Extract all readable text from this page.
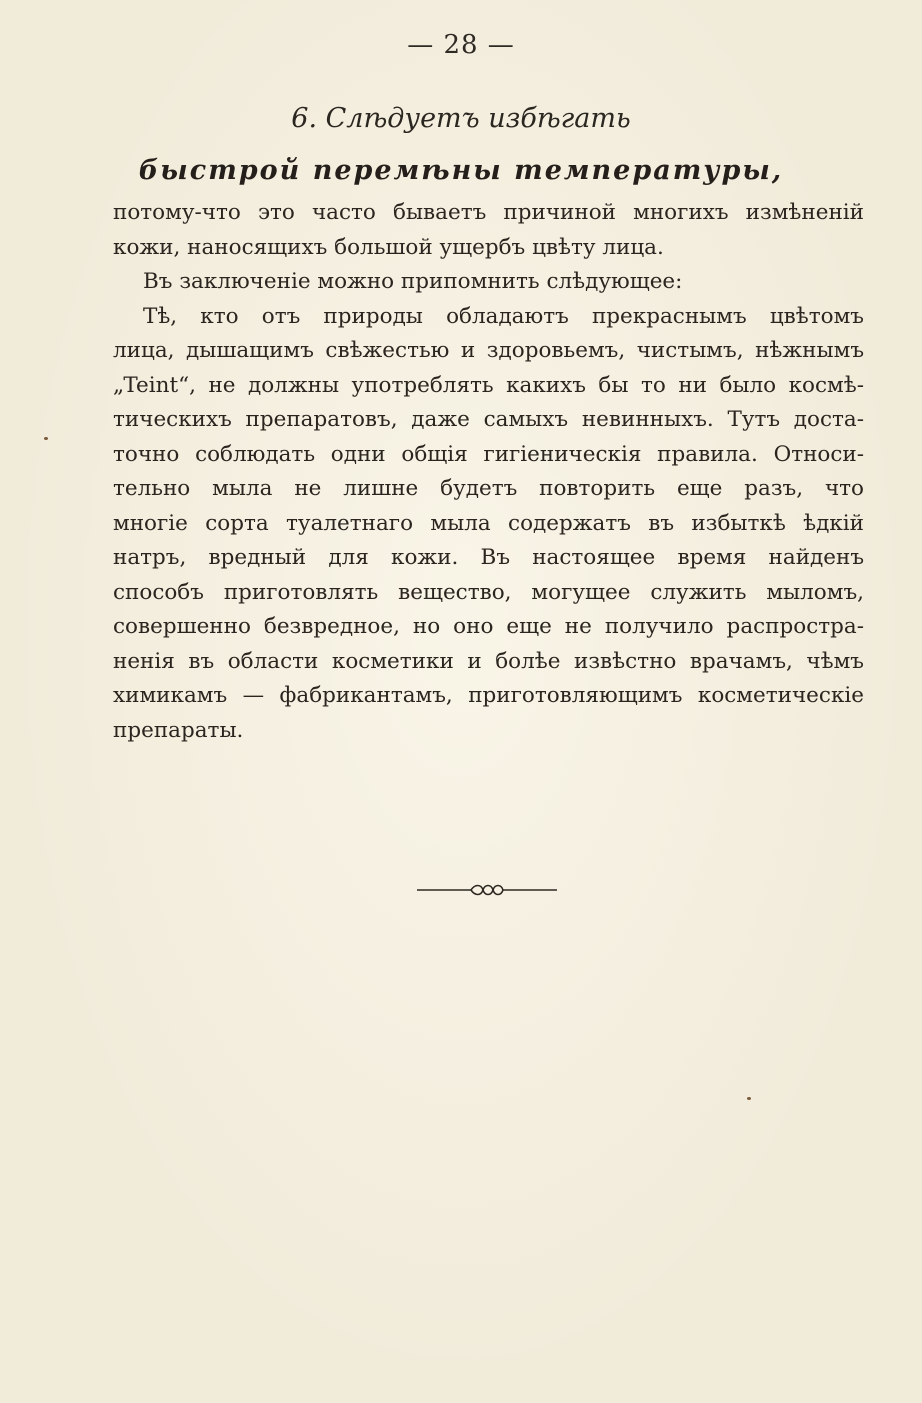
— 28 —
6. Слѣдуетъ избѣгать
быстрой перемѣны температуры,
потому-что это часто бываетъ причиной многихъ измѣненій
кожи, наносящихъ большой ущербъ цвѣту лица.
Въ заключеніе можно припомнить слѣдующее:
Тѣ, кто отъ природы обладаютъ прекраснымъ цвѣтомъ
лица, дышащимъ свѣжестью и здоровьемъ, чистымъ, нѣжнымъ
„Teint“, не должны употреблять какихъ бы то ни было космѣ-
тическихъ препаратовъ, даже самыхъ невинныхъ. Тутъ доста-
точно соблюдать одни общія гигіеническія правила. Относи-
тельно мыла не лишне будетъ повторить еще разъ, что
многіе сорта туалетнаго мыла содержатъ въ избыткѣ ѣдкій
натръ, вредный для кожи. Въ настоящее время найденъ
способъ приготовлять вещество, могущее служить мыломъ,
совершенно безвредное, но оно еще не получило распростра-
ненія въ области косметики и болѣе извѣстно врачамъ, чѣмъ
химикамъ — фабрикантамъ, приготовляющимъ косметическіе
препараты.
